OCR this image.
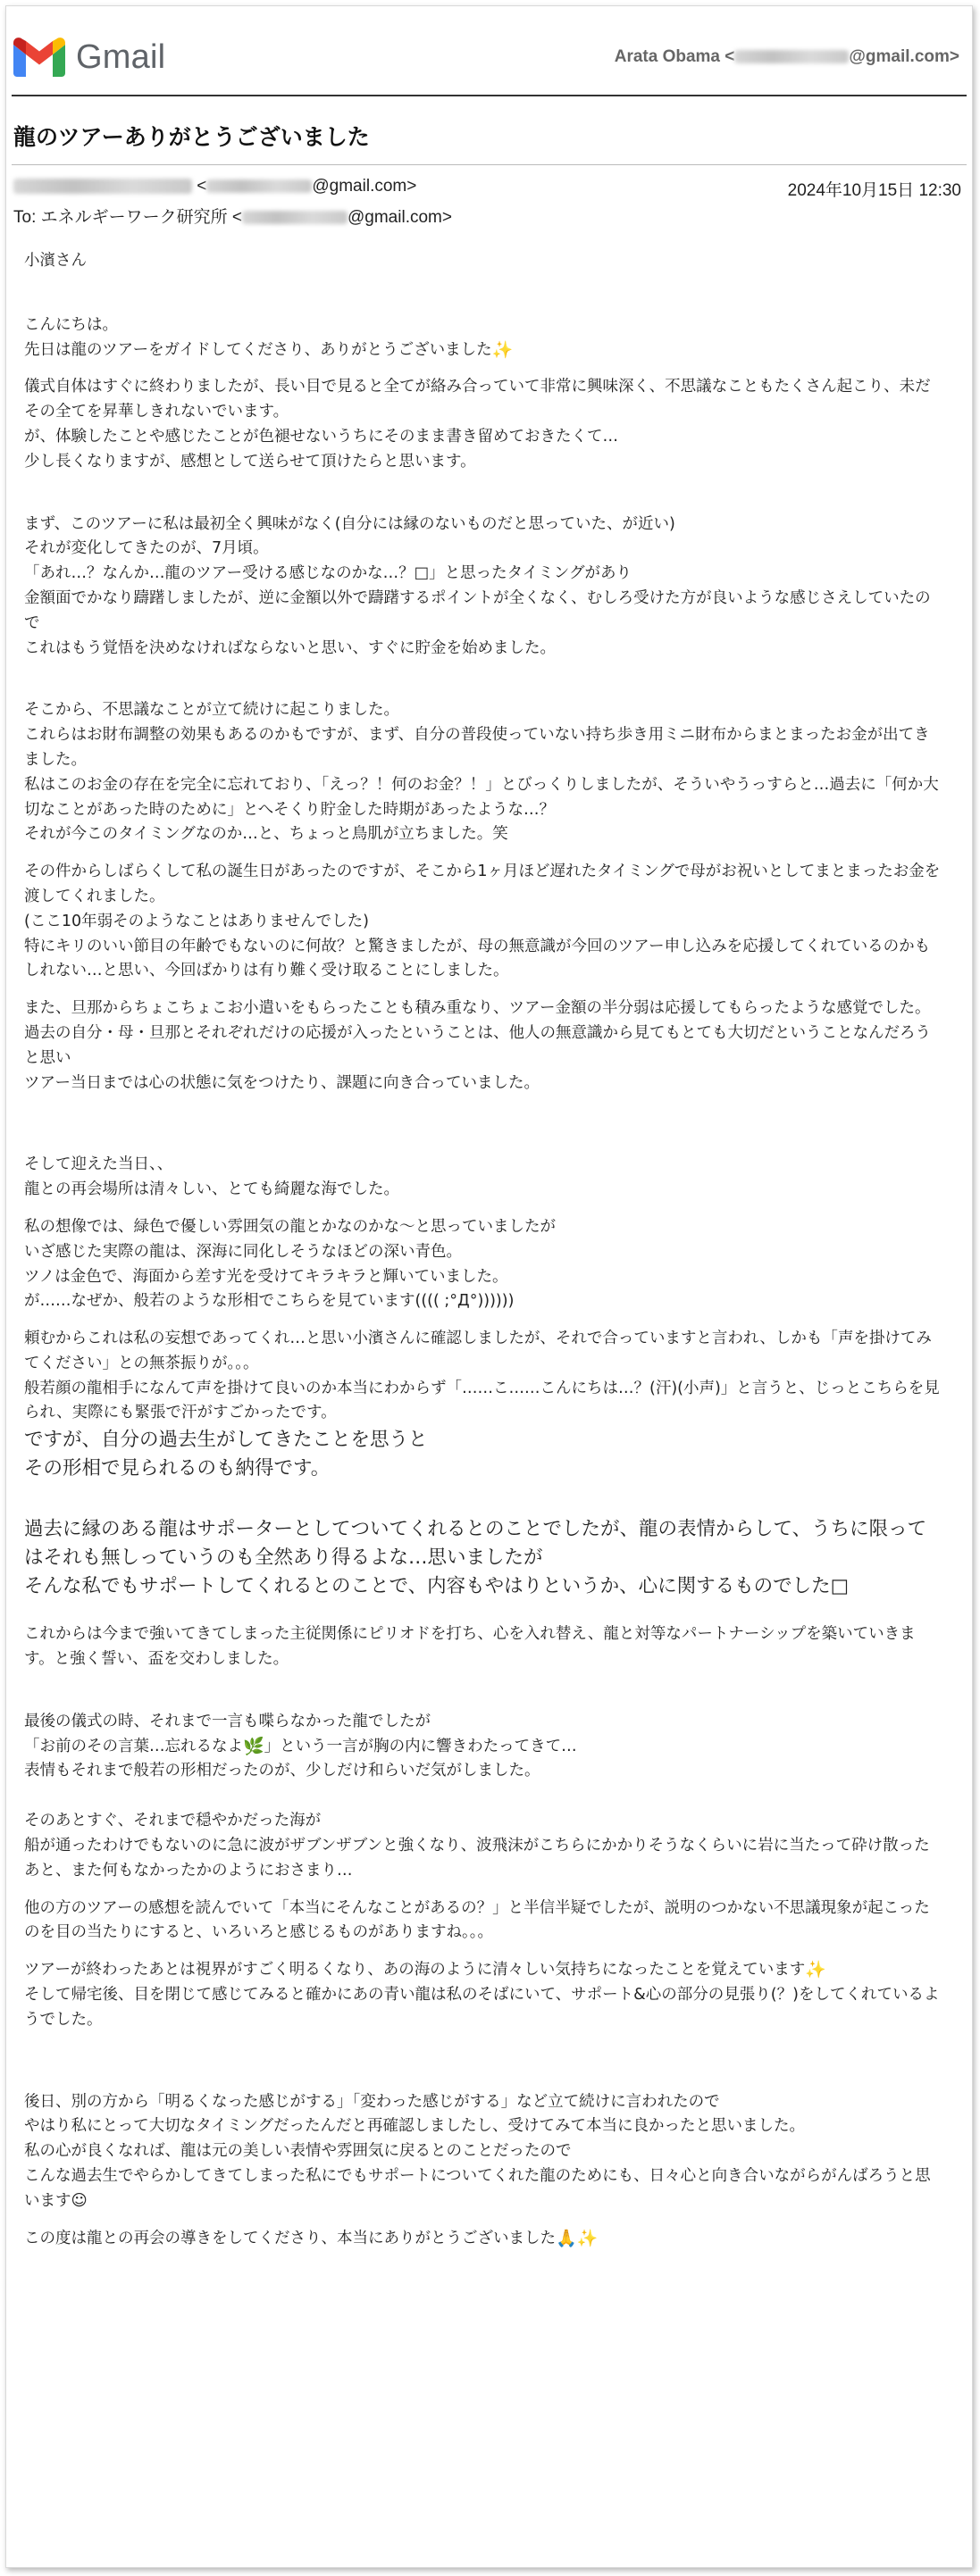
Gmail	Arata Obama <	@gmail.com>
龍のツアーありがとうございました
<	@gmail.com>	2024年10月15日 12:30
To: エネルギーワーク研究所 <	@gmail.com>

小濱さん

こんにちは。
先日は龍のツアーをガイドしてくださり、ありがとうございました✨

儀式自体はすぐに終わりましたが、長い目で見ると全てが絡み合っていて非常に興味深く、不思議なこともたくさん起こり、未だその全てを昇華しきれないでいます。
が、体験したことや感じたことが色褪せないうちにそのまま書き留めておきたくて…
少し長くなりますが、感想として送らせて頂けたらと思います。

まず、このツアーに私は最初全く興味がなく(自分には縁のないものだと思っていた、が近い)
それが変化してきたのが、7月頃。
「あれ…？なんか…龍のツアー受ける感じなのかな…？□」と思ったタイミングがあり
金額面でかなり躊躇しましたが、逆に金額以外で躊躇するポイントが全くなく、むしろ受けた方が良いような感じさえしていたので
これはもう覚悟を決めなければならないと思い、すぐに貯金を始めました。

そこから、不思議なことが立て続けに起こりました。
これらはお財布調整の効果もあるのかもですが、まず、自分の普段使っていない持ち歩き用ミニ財布からまとまったお金が出てきました。
私はこのお金の存在を完全に忘れており、「えっ？！何のお金？！」とびっくりしましたが、そういやうっすらと…過去に「何か大切なことがあった時のために」とへそくり貯金した時期があったような…？
それが今このタイミングなのか…と、ちょっと鳥肌が立ちました。笑

その件からしばらくして私の誕生日があったのですが、そこから1ヶ月ほど遅れたタイミングで母がお祝いとしてまとまったお金を渡してくれました。
(ここ10年弱そのようなことはありませんでした)
特にキリのいい節目の年齢でもないのに何故？と驚きましたが、母の無意識が今回のツアー申し込みを応援してくれているのかもしれない…と思い、今回ばかりは有り難く受け取ることにしました。

また、旦那からちょこちょこお小遣いをもらったことも積み重なり、ツアー金額の半分弱は応援してもらったような感覚でした。
過去の自分・母・旦那とそれぞれだけの応援が入ったということは、他人の無意識から見てもとても大切だということなんだろうと思い
ツアー当日までは心の状態に気をつけたり、課題に向き合っていました。

そして迎えた当日、、
龍との再会場所は清々しい、とても綺麗な海でした。

私の想像では、緑色で優しい雰囲気の龍とかなのかな〜と思っていましたが
いざ感じた実際の龍は、深海に同化しそうなほどの深い青色。
ツノは金色で、海面から差す光を受けてキラキラと輝いていました。
が……なぜか、般若のような形相でこちらを見ています(((( ;°Д°))))))

頼むからこれは私の妄想であってくれ…と思い小濱さんに確認しましたが、それで合っていますと言われ、しかも「声を掛けてみてください」との無茶振りが。。。
般若顔の龍相手になんて声を掛けて良いのか本当にわからず「……こ……こんにちは…？(汗)(小声)」と言うと、じっとこちらを見られ、実際にも緊張で汗がすごかったです。

ですが、自分の過去生がしてきたことを思うと
その形相で見られるのも納得です。

過去に縁のある龍はサポーターとしてついてくれるとのことでしたが、龍の表情からして、うちに限ってはそれも無しっていうのも全然あり得るよな…思いましたが
そんな私でもサポートしてくれるとのことで、内容もやはりというか、心に関するものでした□

これからは今まで強いてきてしまった主従関係にピリオドを打ち、心を入れ替え、龍と対等なパートナーシップを築いていきます。と強く誓い、盃を交わしました。

最後の儀式の時、それまで一言も喋らなかった龍でしたが
「お前のその言葉…忘れるなよ🌿」という一言が胸の内に響きわたってきて…
表情もそれまで般若の形相だったのが、少しだけ和らいだ気がしました。

そのあとすぐ、それまで穏やかだった海が
船が通ったわけでもないのに急に波がザブンザブンと強くなり、波飛沫がこちらにかかりそうなくらいに岩に当たって砕け散ったあと、また何もなかったかのようにおさまり…

他の方のツアーの感想を読んでいて「本当にそんなことがあるの？」と半信半疑でしたが、説明のつかない不思議現象が起こったのを目の当たりにすると、いろいろと感じるものがありますね。。。

ツアーが終わったあとは視界がすごく明るくなり、あの海のように清々しい気持ちになったことを覚えています✨
そして帰宅後、目を閉じて感じてみると確かにあの青い龍は私のそばにいて、サポート&心の部分の見張り(？)をしてくれているようでした。

後日、別の方から「明るくなった感じがする」「変わった感じがする」など立て続けに言われたので
やはり私にとって大切なタイミングだったんだと再確認しましたし、受けてみて本当に良かったと思いました。
私の心が良くなれば、龍は元の美しい表情や雰囲気に戻るとのことだったので
こんな過去生でやらかしてきてしまった私にでもサポートについてくれた龍のためにも、日々心と向き合いながらがんばろうと思います☺

この度は龍との再会の導きをしてくださり、本当にありがとうございました🙏✨
